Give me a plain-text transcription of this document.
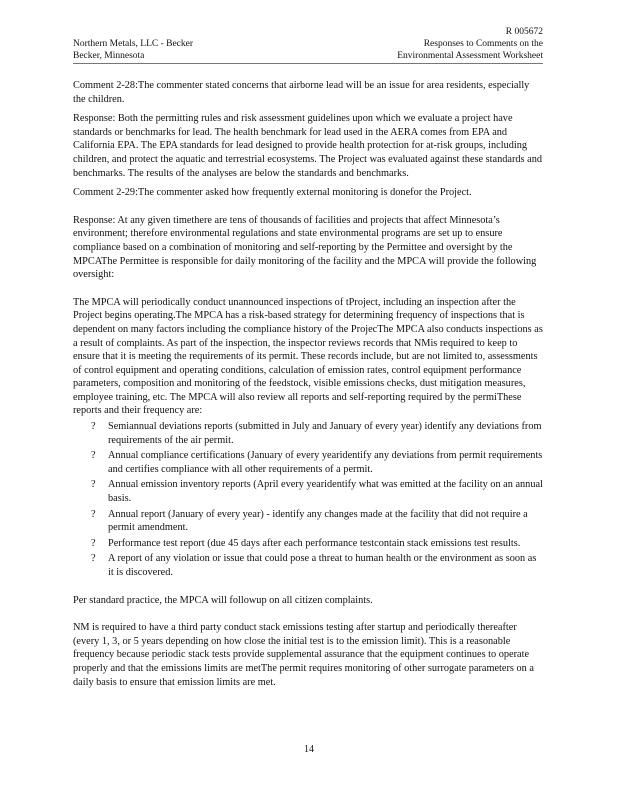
R 005672
Northern Metals, LLC - Becker
Becker, Minnesota
Responses to Comments on the
Environmental Assessment Worksheet

Comment 2-28:The commenter stated concerns that airborne lead will be an issue for area residents, especially the children.

Response: Both the permitting rules and risk assessment guidelines upon which we evaluate a project have standards or benchmarks for lead. The health benchmark for lead used in the AERA comes from EPA and California EPA. The EPA standards for lead designed to provide health protection for at-risk groups, including children, and protect the aquatic and terrestrial ecosystems. The Project was evaluated against these standards and benchmarks. The results of the analyses are below the standards and benchmarks.

Comment 2-29:The commenter asked how frequently external monitoring is donefor the Project.

Response: At any given timethere are tens of thousands of facilities and projects that affect Minnesota’s environment; therefore environmental regulations and state environmental programs are set up to ensure compliance based on a combination of monitoring and self-reporting by the Permittee and oversight by the MPCAThe Permittee is responsible for daily monitoring of the facility and the MPCA will provide the following oversight:

The MPCA will periodically conduct unannounced inspections of tProject, including an inspection after the Project begins operating.The MPCA has a risk-based strategy for determining frequency of inspections that is dependent on many factors including the compliance history of the ProjecThe MPCA also conducts inspections as a result of complaints. As part of the inspection, the inspector reviews records that NMis required to keep to ensure that it is meeting the requirements of its permit. These records include, but are not limited to, assessments of control equipment and operating conditions, calculation of emission rates, control equipment performance parameters, composition and monitoring of the feedstock, visible emissions checks, dust mitigation measures, employee training, etc. The MPCA will also review all reports and self-reporting required by the permiThese reports and their frequency are:

? Semiannual deviations reports (submitted in July and January of every year) identify any deviations from requirements of the air permit.
? Annual compliance certifications (January of every yearidentify any deviations from permit requirements and certifies compliance with all other requirements of a permit.
? Annual emission inventory reports (April every yearidentify what was emitted at the facility on an annual basis.
? Annual report (January of every year) - identify any changes made at the facility that did not require a permit amendment.
? Performance test report (due 45 days after each performance testcontain stack emissions test results.
? A report of any violation or issue that could pose a threat to human health or the environment as soon as it is discovered.

Per standard practice, the MPCA will followup on all citizen complaints.

NM is required to have a third party conduct stack emissions testing after startup and periodically thereafter (every 1, 3, or 5 years depending on how close the initial test is to the emission limit). This is a reasonable frequency because periodic stack tests provide supplemental assurance that the equipment continues to operate properly and that the emissions limits are metThe permit requires monitoring of other surrogate parameters on a daily basis to ensure that emission limits are met.

14
